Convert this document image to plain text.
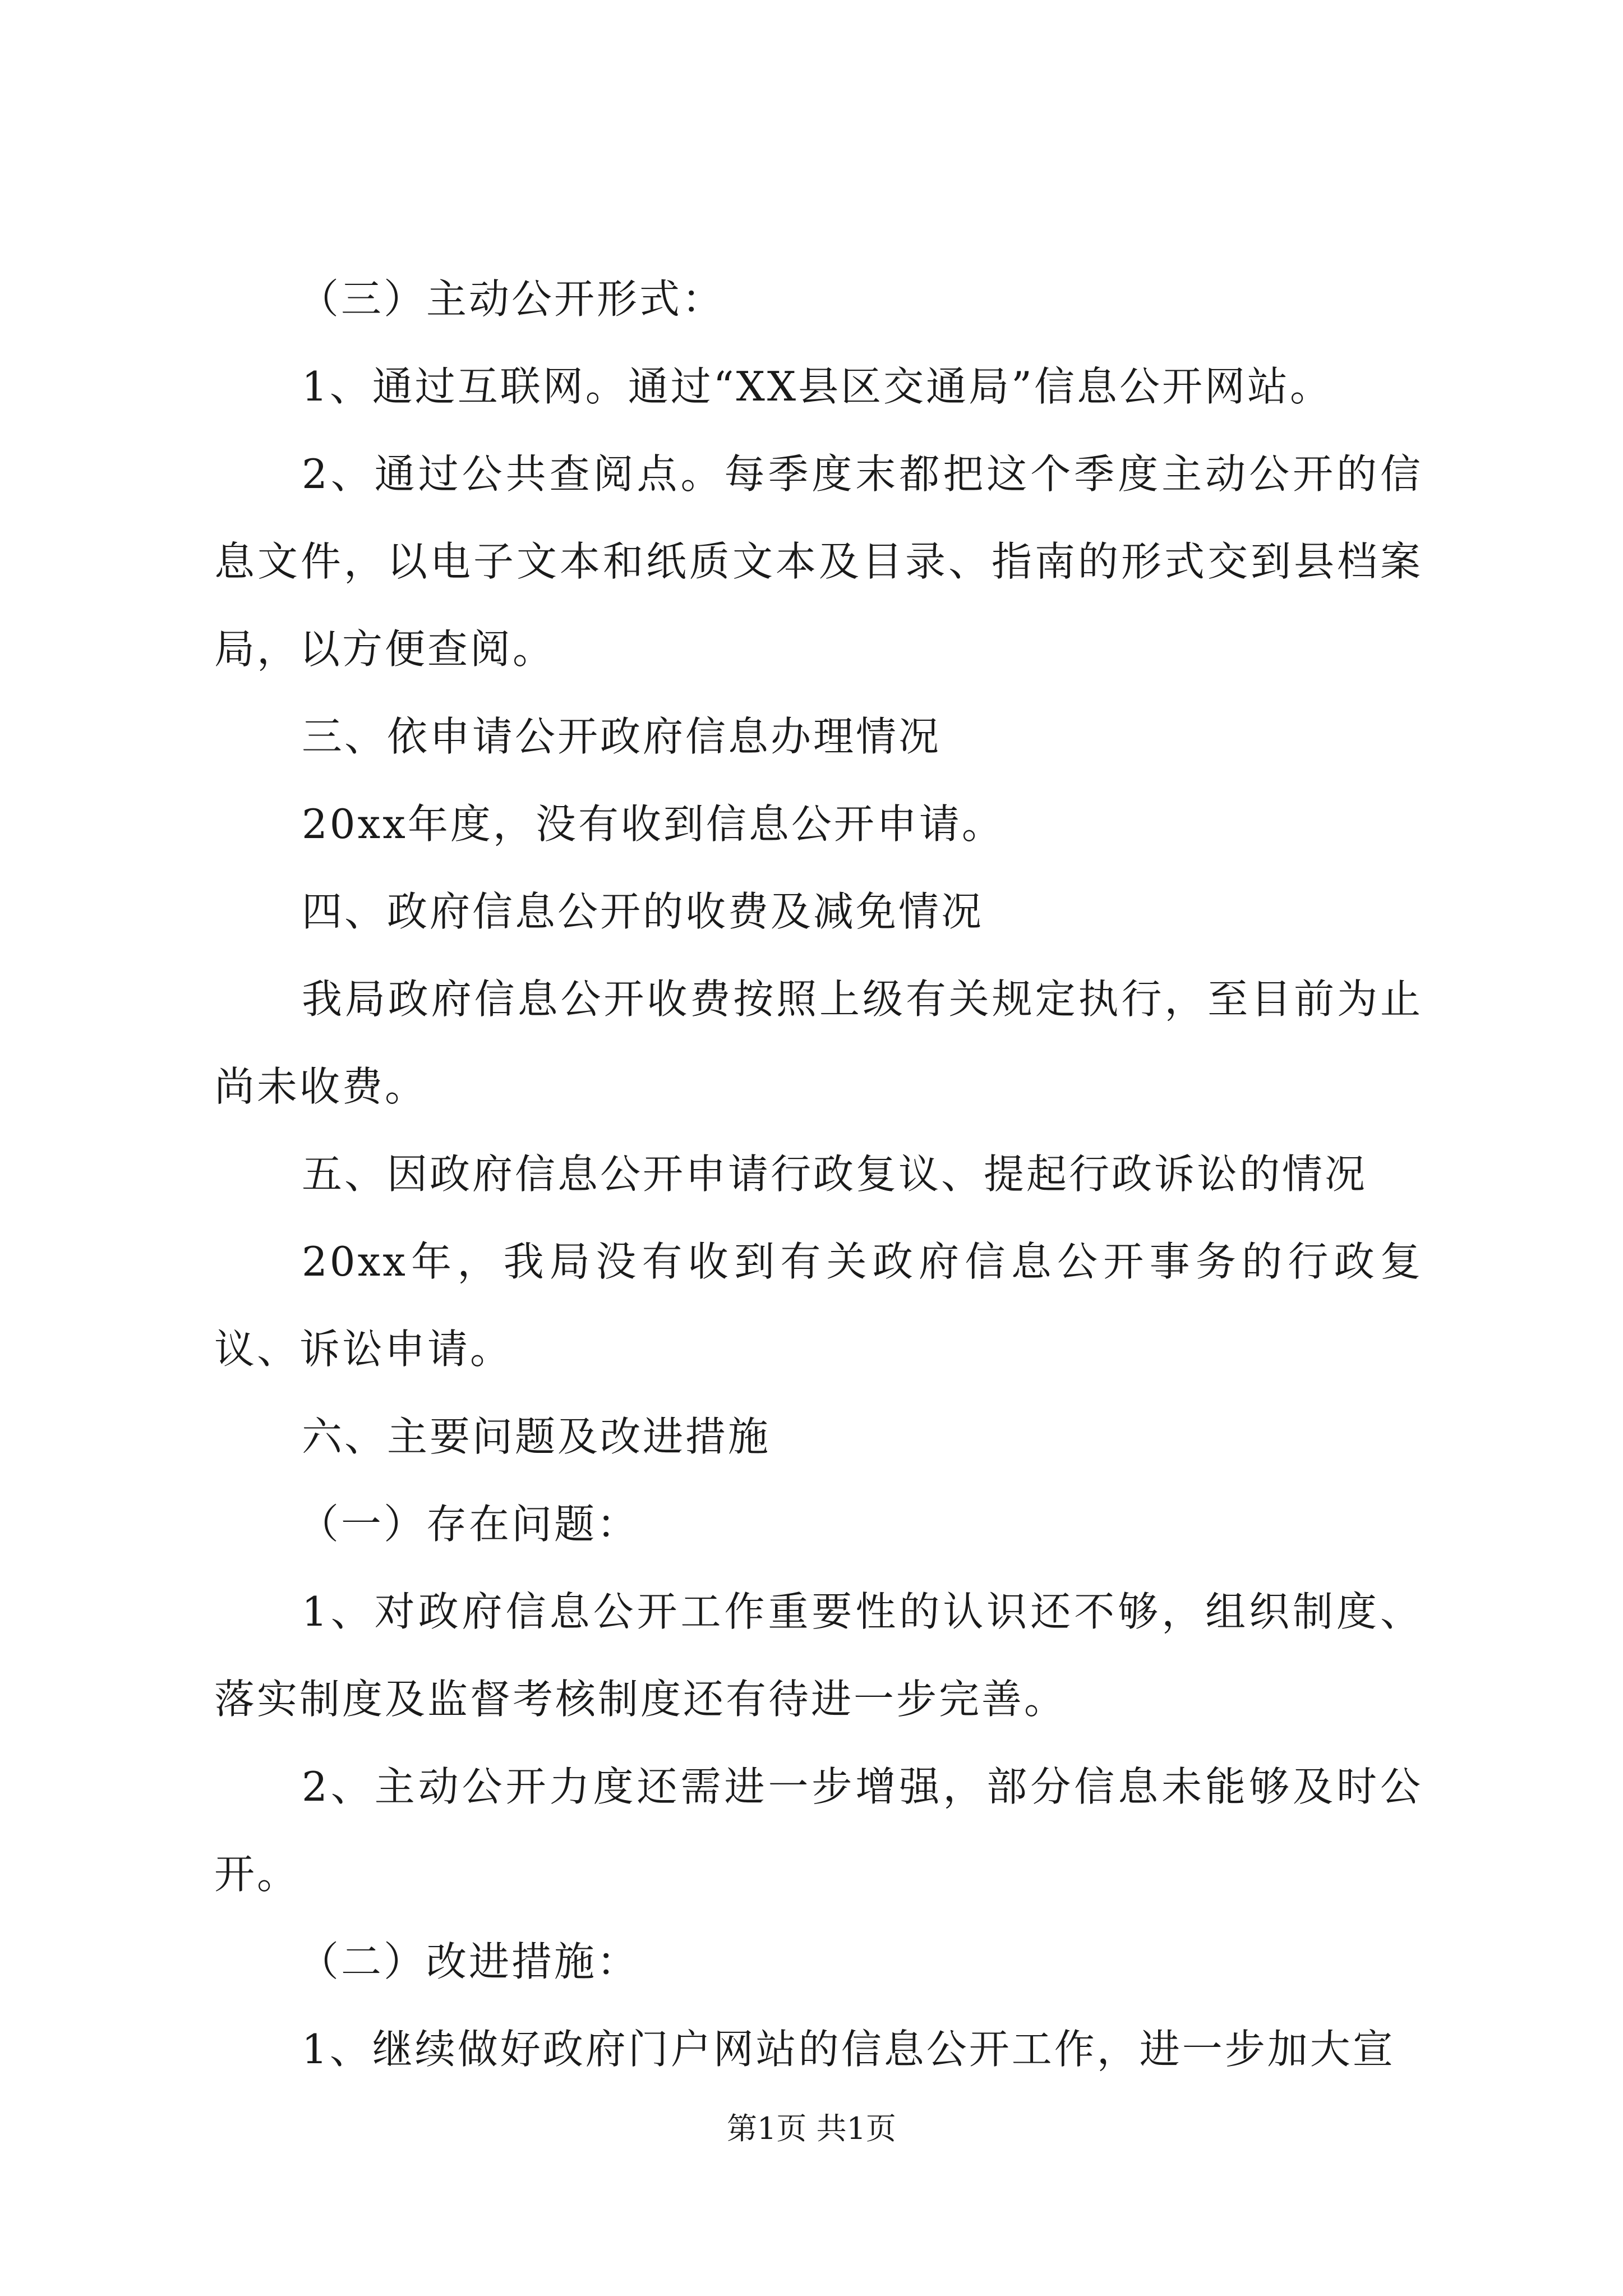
（三）主动公开形式：

1、通过互联网。通过“XX县区交通局”信息公开网站。

2、通过公共查阅点。每季度末都把这个季度主动公开的信息文件，以电子文本和纸质文本及目录、指南的形式交到县档案局，以方便查阅。

三、依申请公开政府信息办理情况

20xx年度，没有收到信息公开申请。

四、政府信息公开的收费及减免情况

我局政府信息公开收费按照上级有关规定执行，至目前为止尚未收费。

五、因政府信息公开申请行政复议、提起行政诉讼的情况

20xx年，我局没有收到有关政府信息公开事务的行政复议、诉讼申请。

六、主要问题及改进措施

（一）存在问题：

1、对政府信息公开工作重要性的认识还不够，组织制度、落实制度及监督考核制度还有待进一步完善。

2、主动公开力度还需进一步增强，部分信息未能够及时公开。

（二）改进措施：

1、继续做好政府门户网站的信息公开工作，进一步加大宣

第1页 共1页
